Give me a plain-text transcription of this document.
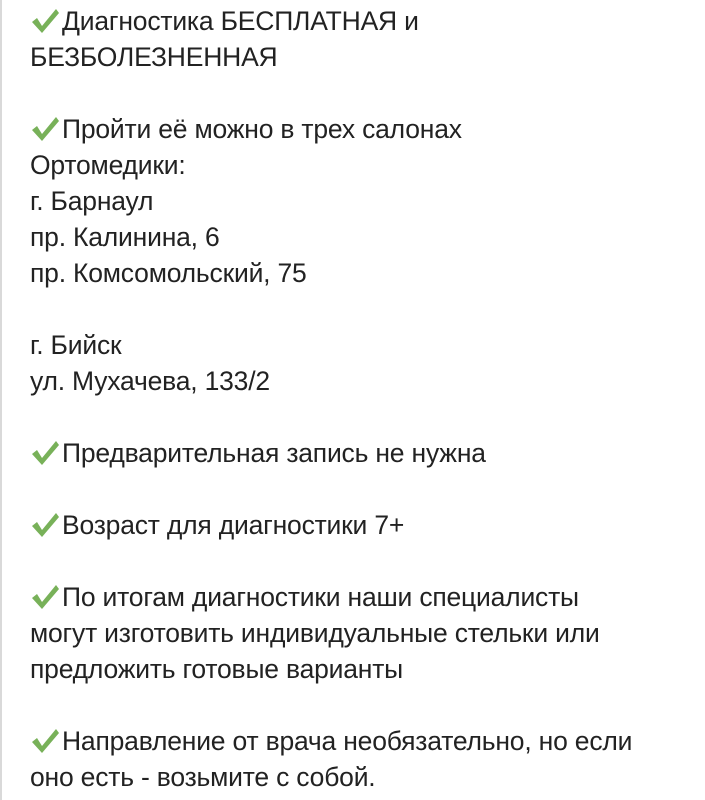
Диагностика БЕСПЛАТНАЯ и
БЕЗБОЛЕЗНЕННАЯ
Пройти её можно в трех салонах
Ортомедики:
г. Барнаул
пр. Калинина, 6
пр. Комсомольский, 75
г. Бийск
ул. Мухачева, 133/2
Предварительная запись не нужна
Возраст для диагностики 7+
По итогам диагностики наши специалисты
могут изготовить индивидуальные стельки или
предложить готовые варианты
Направление от врача необязательно, но если
оно есть - возьмите с собой.
